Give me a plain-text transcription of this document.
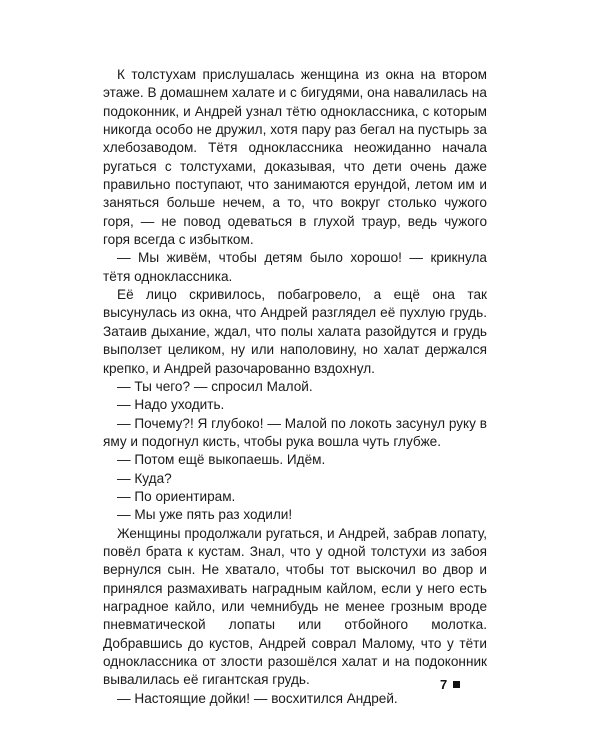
К толстухам прислушалась женщина из окна на втором этаже. В домашнем халате и с бигудями, она навалилась на подоконник, и Андрей узнал тётю одноклассника, с которым никогда особо не дружил, хотя пару раз бегал на пустырь за хлебозаводом. Тётя одноклассника неожиданно начала ругаться с толстухами, доказывая, что дети очень даже правильно поступают, что занимаются ерундой, летом им и заняться больше нечем, а то, что вокруг столько чужого горя, — не повод одеваться в глухой траур, ведь чужого горя всегда с избытком.

— Мы живём, чтобы детям было хорошо! — крикнула тётя одноклассника.

Её лицо скривилось, побагровело, а ещё она так высунулась из окна, что Андрей разглядел её пухлую грудь. Затаив дыхание, ждал, что полы халата разойдутся и грудь выползет целиком, ну или наполовину, но халат держался крепко, и Андрей разочарованно вздохнул.

— Ты чего? — спросил Малой.

— Надо уходить.

— Почему?! Я глубоко! — Малой по локоть засунул руку в яму и подогнул кисть, чтобы рука вошла чуть глубже.

— Потом ещё выкопаешь. Идём.

— Куда?

— По ориентирам.

— Мы уже пять раз ходили!

Женщины продолжали ругаться, и Андрей, забрав лопату, повёл брата к кустам. Знал, что у одной толстухи из забоя вернулся сын. Не хватало, чтобы тот выскочил во двор и принялся размахивать наградным кайлом, если у него есть наградное кайло, или чемнибудь не менее грозным вроде пневматической лопаты или отбойного молотка. Добравшись до кустов, Андрей соврал Малому, что у тёти одноклассника от злости разошёлся халат и на подоконник вывалилась её гигантская грудь.

— Настоящие дойки! — восхитился Андрей.

7
